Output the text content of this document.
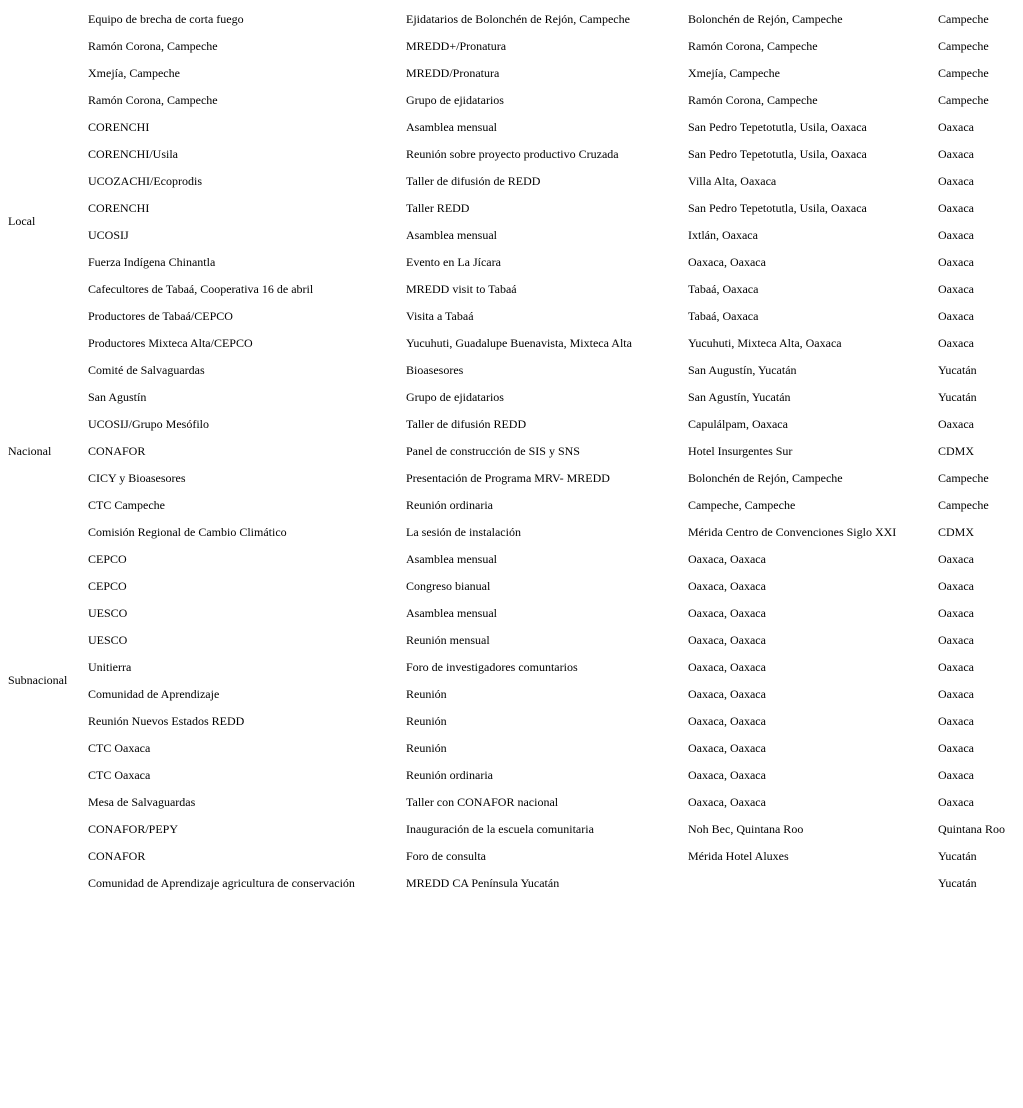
Local	Equipo de brecha de corta fuego	Ejidatarios de Bolonchén de Rejón, Campeche	Bolonchén de Rejón, Campeche	Campeche
	Ramón Corona, Campeche	MREDD+/Pronatura	Ramón Corona, Campeche	Campeche
	Xmejía, Campeche	MREDD/Pronatura	Xmejía, Campeche	Campeche
	Ramón Corona, Campeche	Grupo de ejidatarios	Ramón Corona, Campeche	Campeche
	CORENCHI	Asamblea mensual	San Pedro Tepetotutla, Usila, Oaxaca	Oaxaca
	CORENCHI/Usila	Reunión sobre proyecto productivo Cruzada	San Pedro Tepetotutla, Usila, Oaxaca	Oaxaca
	UCOZACHI/Ecoprodis	Taller de difusión de REDD	Villa Alta, Oaxaca	Oaxaca
	CORENCHI	Taller REDD	San Pedro Tepetotutla, Usila, Oaxaca	Oaxaca
	UCOSIJ	Asamblea mensual	Ixtlán, Oaxaca	Oaxaca
	Fuerza Indígena Chinantla	Evento en La Jícara	Oaxaca, Oaxaca	Oaxaca
	Cafecultores de Tabaá, Cooperativa 16 de abril	MREDD visit to Tabaá	Tabaá, Oaxaca	Oaxaca
	Productores de Tabaá/CEPCO	Visita a Tabaá	Tabaá, Oaxaca	Oaxaca
	Productores Mixteca Alta/CEPCO	Yucuhuti, Guadalupe Buenavista, Mixteca Alta	Yucuhuti, Mixteca Alta, Oaxaca	Oaxaca
	Comité de Salvaguardas	Bioasesores	San Augustín, Yucatán	Yucatán
	San Agustín	Grupo de ejidatarios	San Agustín, Yucatán	Yucatán
	UCOSIJ/Grupo Mesófilo	Taller de difusión REDD	Capulálpam, Oaxaca	Oaxaca
Nacional	CONAFOR	Panel de construcción de SIS y SNS	Hotel Insurgentes Sur	CDMX
Subnacional	CICY y Bioasesores	Presentación de Programa MRV- MREDD	Bolonchén de Rejón, Campeche	Campeche
	CTC Campeche	Reunión ordinaria	Campeche, Campeche	Campeche
	Comisión Regional de Cambio Climático	La sesión de instalación	Mérida Centro de Convenciones Siglo XXI	CDMX
	CEPCO	Asamblea mensual	Oaxaca, Oaxaca	Oaxaca
	CEPCO	Congreso bianual	Oaxaca, Oaxaca	Oaxaca
	UESCO	Asamblea mensual	Oaxaca, Oaxaca	Oaxaca
	UESCO	Reunión mensual	Oaxaca, Oaxaca	Oaxaca
	Unitierra	Foro de investigadores comuntarios	Oaxaca, Oaxaca	Oaxaca
	Comunidad de Aprendizaje	Reunión	Oaxaca, Oaxaca	Oaxaca
	Reunión Nuevos Estados REDD	Reunión	Oaxaca, Oaxaca	Oaxaca
	CTC Oaxaca	Reunión	Oaxaca, Oaxaca	Oaxaca
	CTC Oaxaca	Reunión ordinaria	Oaxaca, Oaxaca	Oaxaca
	Mesa de Salvaguardas	Taller con CONAFOR nacional	Oaxaca, Oaxaca	Oaxaca
	CONAFOR/PEPY	Inauguración de la escuela comunitaria	Noh Bec, Quintana Roo	Quintana Roo
	CONAFOR	Foro de consulta	Mérida Hotel Aluxes	Yucatán
	Comunidad de Aprendizaje agricultura de conservación	MREDD CA Península Yucatán		Yucatán
